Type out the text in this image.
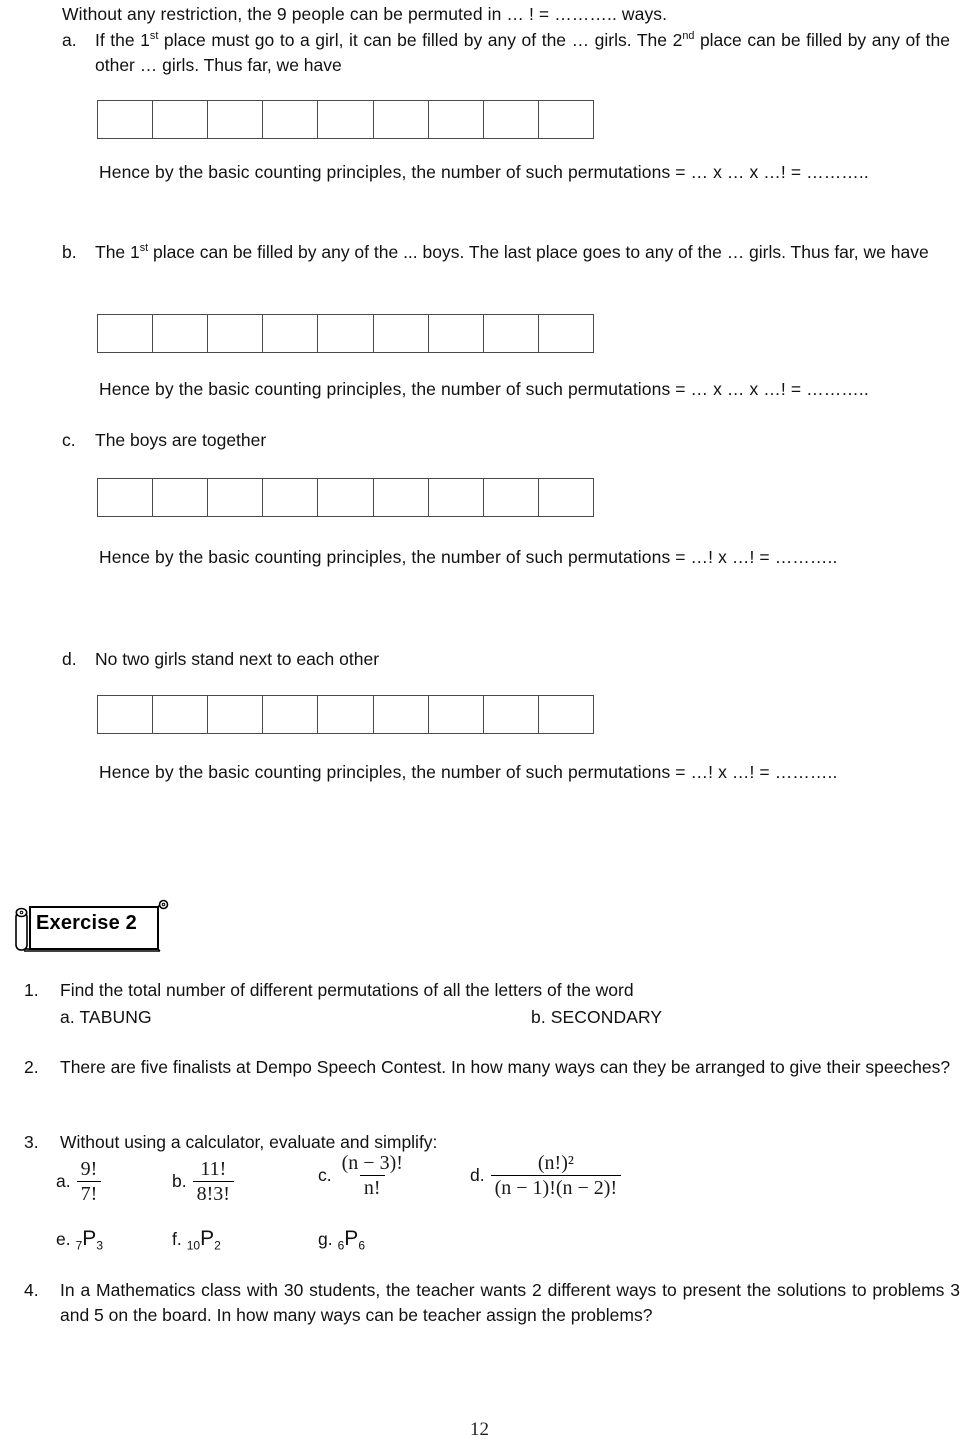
Without any restriction, the 9 people can be permuted in … ! = ……….. ways.
a.	If the 1st place must go to a girl, it can be filled by any of the … girls. The 2nd place can be filled by any of the other … girls. Thus far, we have
Hence by the basic counting principles, the number of such permutations = … x … x …! = ………..
b.	The 1st place can be filled by any of the ... boys. The last place goes to any of the … girls. Thus far, we have
Hence by the basic counting principles, the number of such permutations = … x … x …! = ………..
c.	The boys are together
Hence by the basic counting principles, the number of such permutations = …! x …! = ………..
d.	No two girls stand next to each other
Hence by the basic counting principles, the number of such permutations = …! x …! = ………..
Exercise 2
1.	Find the total number of different permutations of all the letters of the word
a. TABUNG	b. SECONDARY
2.	There are five finalists at Dempo Speech Contest. In how many ways can they be arranged to give their speeches?
3.	Without using a calculator, evaluate and simplify:
a. $\frac{9!}{7!}$	b. $\frac{11!}{8!3!}$	c. $\frac{(n - 3)!}{n!}$	d. $\frac{\text{(n!)²}}{(n - 1)!(n - 2)!}$
e. $_7P_3$	f. $_{10}P_2$	g. $_6P_6$
4.	In a Mathematics class with 30 students, the teacher wants 2 different ways to present the solutions to problems 3 and 5 on the board. In how many ways can be teacher assign the problems?
12
